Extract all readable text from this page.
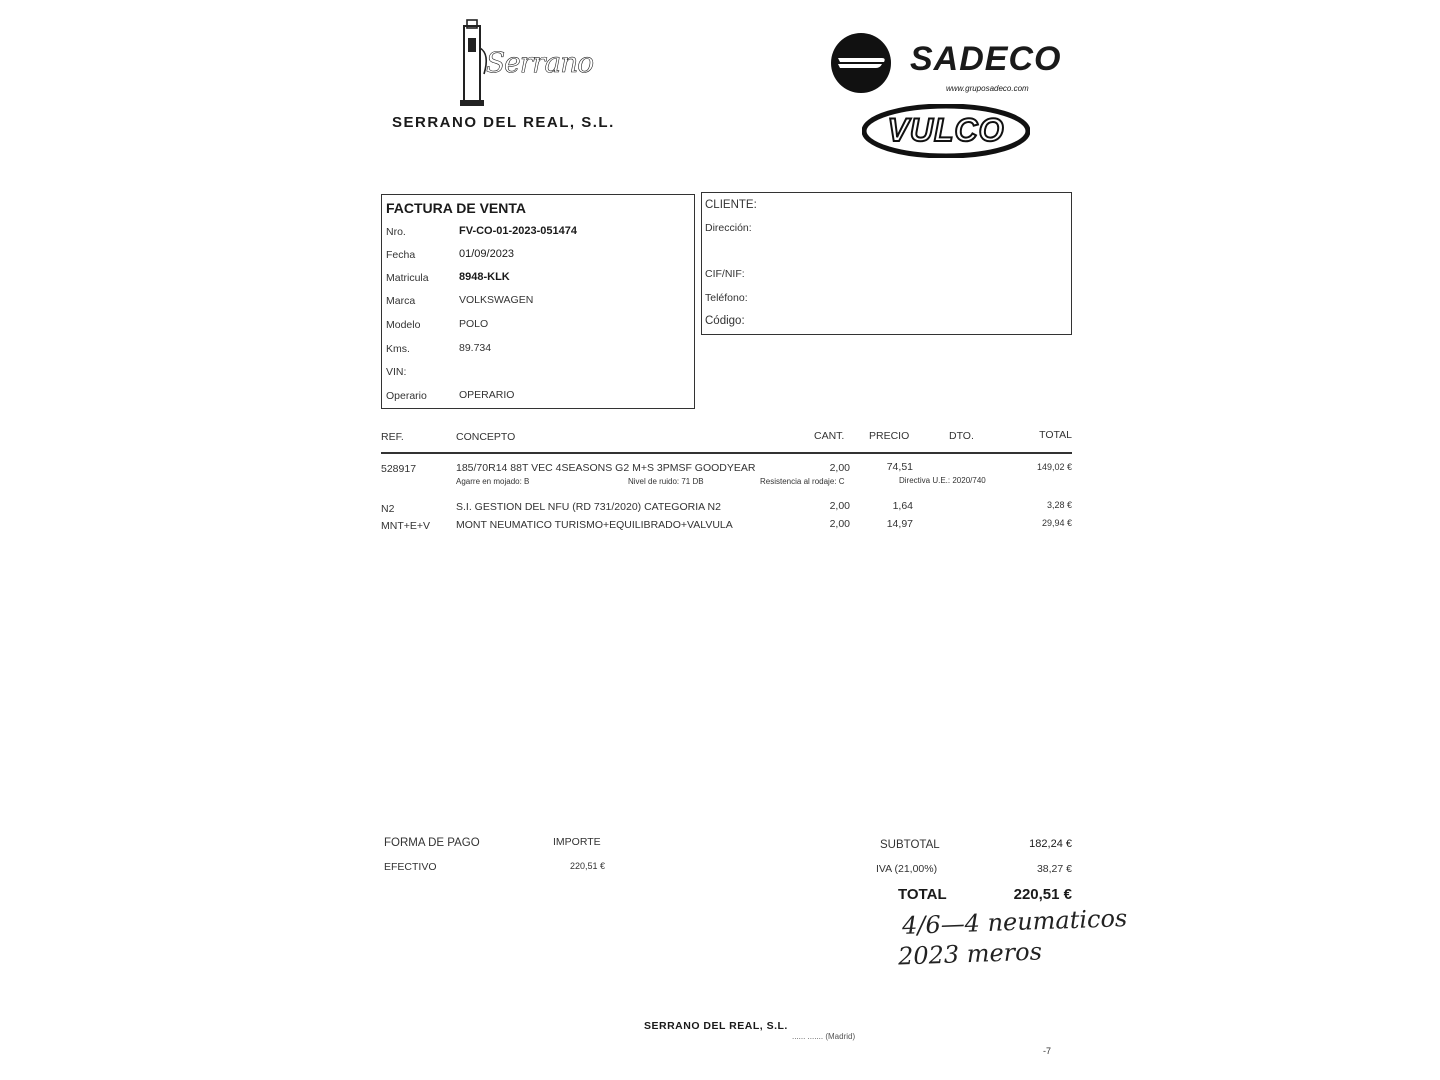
Serrano
SERRANO DEL REAL, S.L.
SADECO
www.gruposadeco.com
VULCO
FACTURA DE VENTA
Nro.	FV-CO-01-2023-051474
Fecha	01/09/2023
Matricula	8948-KLK
Marca	VOLKSWAGEN
Modelo	POLO
Kms.	89.734
VIN:
Operario	OPERARIO
CLIENTE:
Dirección:
CIF/NIF:
Teléfono:
Código:
REF.	CONCEPTO	CANT. PRECIO	DTO.	TOTAL
528917	185/70R14 88T VEC 4SEASONS G2 M+S 3PMSF GOODYEAR	2,00	74,51	149,02 €
Agarre en mojado: B	Nivel de ruido: 71 DB	Resistencia al rodaje: C	Directiva U.E.: 2020/740
N2	S.I. GESTION DEL NFU (RD 731/2020) CATEGORIA N2	2,00	1,64	3,28 €
MNT+E+V MONT NEUMATICO TURISMO+EQUILIBRADO+VALVULA	2,00	14,97	29,94 €
FORMA DE PAGO	IMPORTE
EFECTIVO	220,51 €
SUBTOTAL	182,24 €
IVA (21,00%)	38,27 €
TOTAL	220,51 €
4/6—4 neumaticos
2023 meros
SERRANO DEL REAL, S.L.
...... ....... (Madrid)
-7
